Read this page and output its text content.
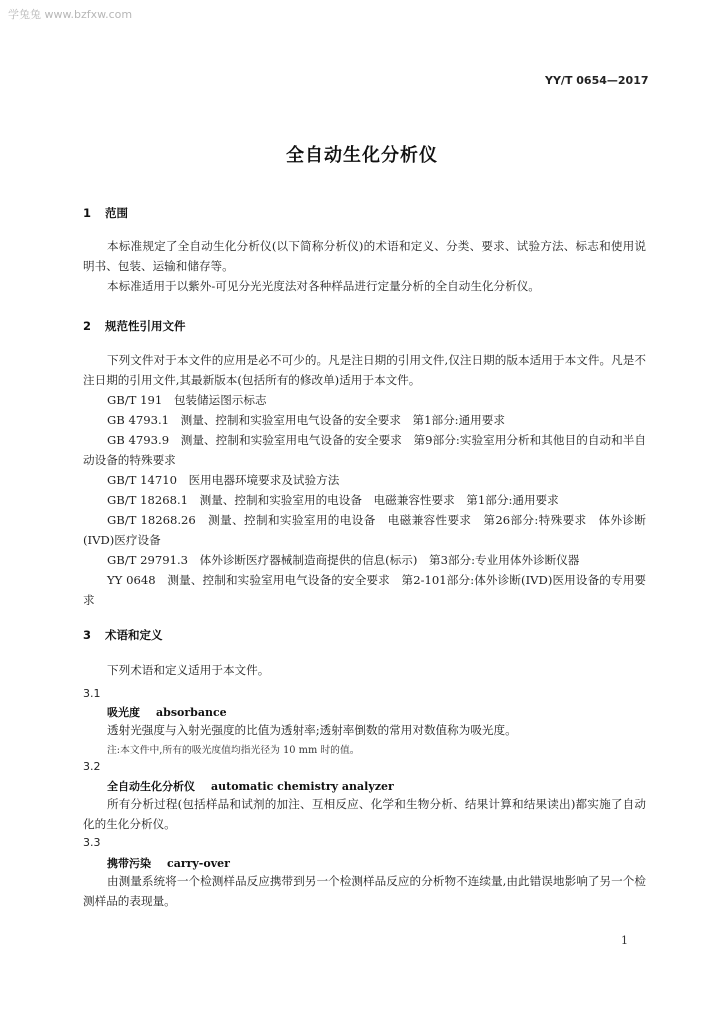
学兔兔 www.bzfxw.com
YY/T 0654—2017
全自动生化分析仪
1 范围
本标准规定了全自动生化分析仪(以下简称分析仪)的术语和定义、分类、要求、试验方法、标志和使用说明书、包装、运输和储存等。
本标准适用于以紫外-可见分光光度法对各种样品进行定量分析的全自动生化分析仪。
2 规范性引用文件
下列文件对于本文件的应用是必不可少的。凡是注日期的引用文件,仅注日期的版本适用于本文件。凡是不注日期的引用文件,其最新版本(包括所有的修改单)适用于本文件。
GB/T 191　包装储运图示标志
GB 4793.1　测量、控制和实验室用电气设备的安全要求　第1部分:通用要求
GB 4793.9　测量、控制和实验室用电气设备的安全要求　第9部分:实验室用分析和其他目的自动和半自动设备的特殊要求
GB/T 14710　医用电器环境要求及试验方法
GB/T 18268.1　测量、控制和实验室用的电设备　电磁兼容性要求　第1部分:通用要求
GB/T 18268.26　测量、控制和实验室用的电设备　电磁兼容性要求　第26部分:特殊要求　体外诊断(IVD)医疗设备
GB/T 29791.3　体外诊断医疗器械制造商提供的信息(标示)　第3部分:专业用体外诊断仪器
YY 0648　测量、控制和实验室用电气设备的安全要求　第2-101部分:体外诊断(IVD)医用设备的专用要求
3 术语和定义
下列术语和定义适用于本文件。
3.1
吸光度 absorbance
透射光强度与入射光强度的比值为透射率;透射率倒数的常用对数值称为吸光度。
注:本文件中,所有的吸光度值均指光径为 10 mm 时的值。
3.2
全自动生化分析仪 automatic chemistry analyzer
所有分析过程(包括样品和试剂的加注、互相反应、化学和生物分析、结果计算和结果读出)都实施了自动化的生化分析仪。
3.3
携带污染 carry-over
由测量系统将一个检测样品反应携带到另一个检测样品反应的分析物不连续量,由此错误地影响了另一个检测样品的表现量。
1
